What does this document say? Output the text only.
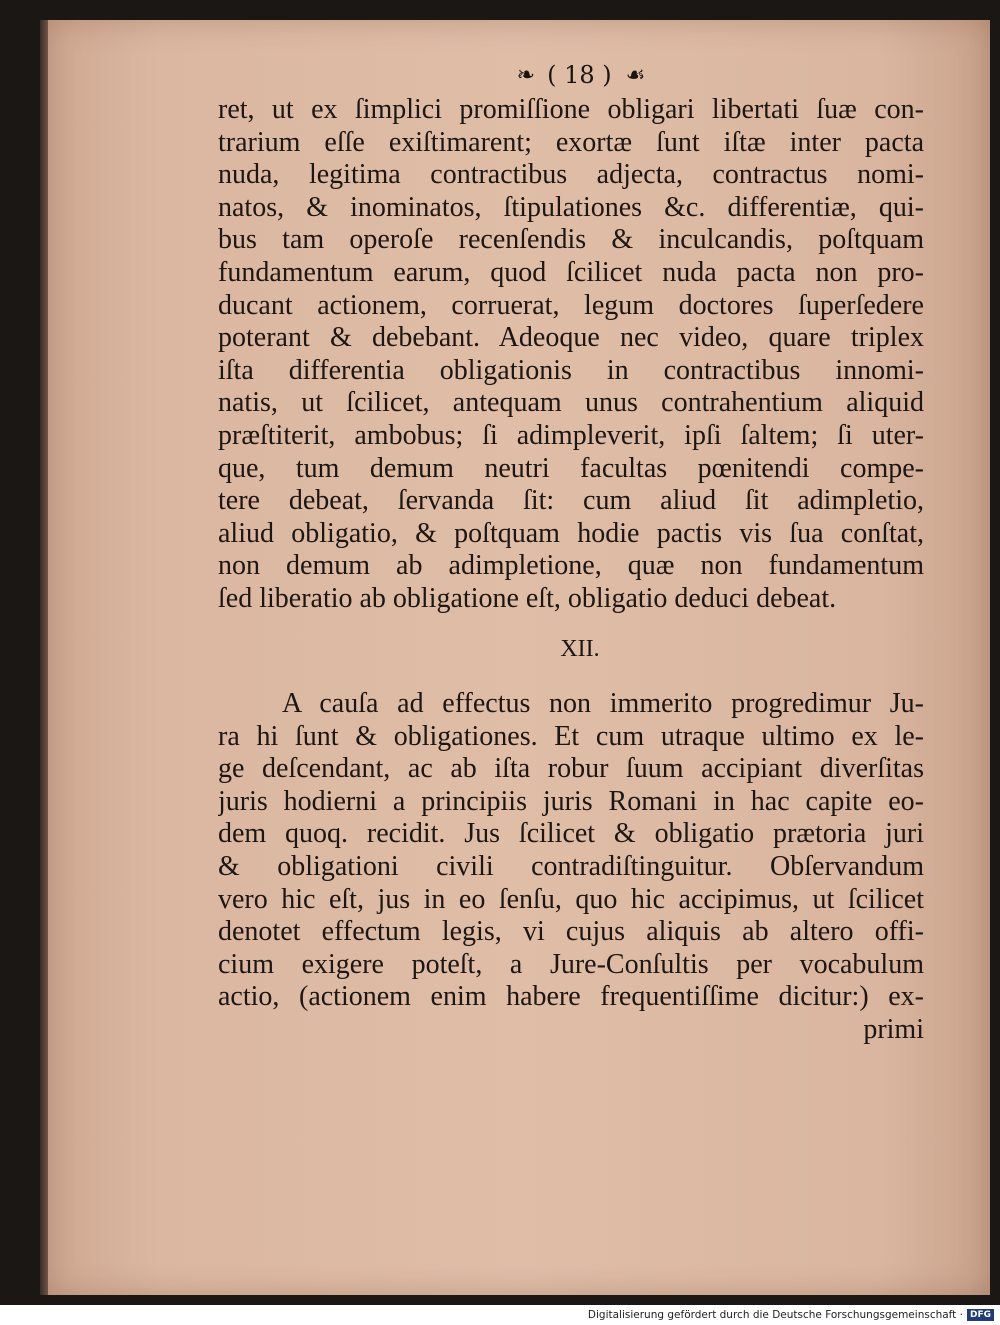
❧ ( 18 ) ☙
ret, ut ex ſimplici promiſſione obligari libertati ſuæ con-
trarium eſſe exiſtimarent; exortæ ſunt iſtæ inter pacta
nuda, legitima contractibus adjecta, contractus nomi-
natos, & inominatos, ſtipulationes &c. differentiæ, qui-
bus tam operoſe recenſendis & inculcandis, poſtquam
fundamentum earum, quod ſcilicet nuda pacta non pro-
ducant actionem, corruerat, legum doctores ſuperſedere
poterant & debebant. Adeoque nec video, quare triplex
iſta differentia obligationis in contractibus innomi-
natis, ut ſcilicet, antequam unus contrahentium aliquid
præſtiterit, ambobus; ſi adimpleverit, ipſi ſaltem; ſi uter-
que, tum demum neutri facultas pœnitendi compe-
tere debeat, ſervanda ſit: cum aliud ſit adimpletio,
aliud obligatio, & poſtquam hodie pactis vis ſua conſtat,
non demum ab adimpletione, quæ non fundamentum
ſed liberatio ab obligatione eſt, obligatio deduci debeat.
XII.
A cauſa ad effectus non immerito progredimur Ju-
ra hi ſunt & obligationes. Et cum utraque ultimo ex le-
ge deſcendant, ac ab iſta robur ſuum accipiant diverſitas
juris hodierni a principiis juris Romani in hac capite eo-
dem quoq. recidit. Jus ſcilicet & obligatio prætoria juri
& obligationi civili contradiſtinguitur. Obſervandum
vero hic eſt, jus in eo ſenſu, quo hic accipimus, ut ſcilicet
denotet effectum legis, vi cujus aliquis ab altero offi-
cium exigere poteſt, a Jure-Conſultis per vocabulum
actio, (actionem enim habere frequentiſſime dicitur:) ex-
primi
Digitalisierung gefördert durch die Deutsche Forschungsgemeinschaft · DFG
